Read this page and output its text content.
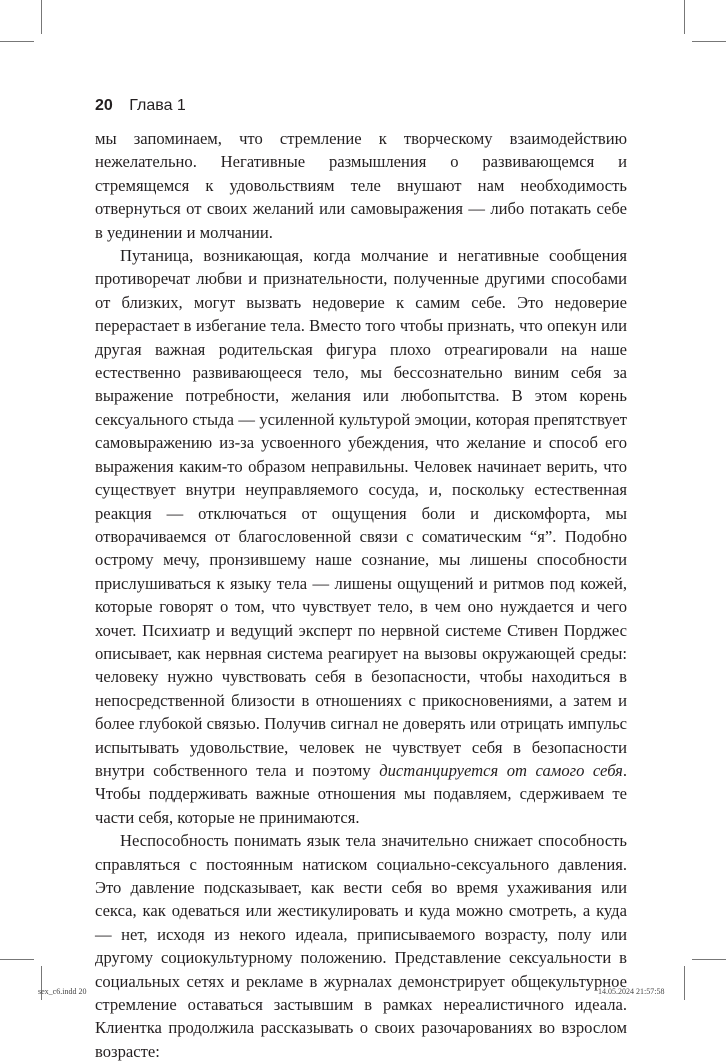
20 Глава 1

мы запоминаем, что стремление к творческому взаимодействию нежелательно. Негативные размышления о развивающемся и стремящемся к удовольствиям теле внушают нам необходимость отвернуться от своих желаний или самовыражения — либо потакать себе в уединении и молчании.

Путаница, возникающая, когда молчание и негативные сообщения противоречат любви и признательности, полученные другими способами от близких, могут вызвать недоверие к самим себе. Это недоверие перерастает в избегание тела. Вместо того чтобы признать, что опекун или другая важная родительская фигура плохо отреагировали на наше естественно развивающееся тело, мы бессознательно виним себя за выражение потребности, желания или любопытства. В этом корень сексуального стыда — усиленной культурой эмоции, которая препятствует самовыражению из-за усвоенного убеждения, что желание и способ его выражения каким-то образом неправильны. Человек начинает верить, что существует внутри неуправляемого сосуда, и, поскольку естественная реакция — отключаться от ощущения боли и дискомфорта, мы отворачиваемся от благословенной связи с соматическим “я”. Подобно острому мечу, пронзившему наше сознание, мы лишены способности прислушиваться к языку тела — лишены ощущений и ритмов под кожей, которые говорят о том, что чувствует тело, в чем оно нуждается и чего хочет. Психиатр и ведущий эксперт по нервной системе Стивен Порджес описывает, как нервная система реагирует на вызовы окружающей среды: человеку нужно чувствовать себя в безопасности, чтобы находиться в непосредственной близости в отношениях с прикосновениями, а затем и более глубокой связью. Получив сигнал не доверять или отрицать импульс испытывать удовольствие, человек не чувствует себя в безопасности внутри собственного тела и поэтому дистанцируется от самого себя. Чтобы поддерживать важные отношения мы подавляем, сдерживаем те части себя, которые не принимаются.

Неспособность понимать язык тела значительно снижает способность справляться с постоянным натиском социально-сексуального давления. Это давление подсказывает, как вести себя во время ухаживания или секса, как одеваться или жестикулировать и куда можно смотреть, а куда — нет, исходя из некого идеала, приписываемого возрасту, полу или другому социокультурному положению. Представление сексуальности в социальных сетях и рекламе в журналах демонстрирует общекультурное стремление оставаться застывшим в рамках нереалистичного идеала. Клиентка продолжила рассказывать о своих разочарованиях во взрослом возрасте:

sex_c6.indd 20	14.05.2024 21:57:58
